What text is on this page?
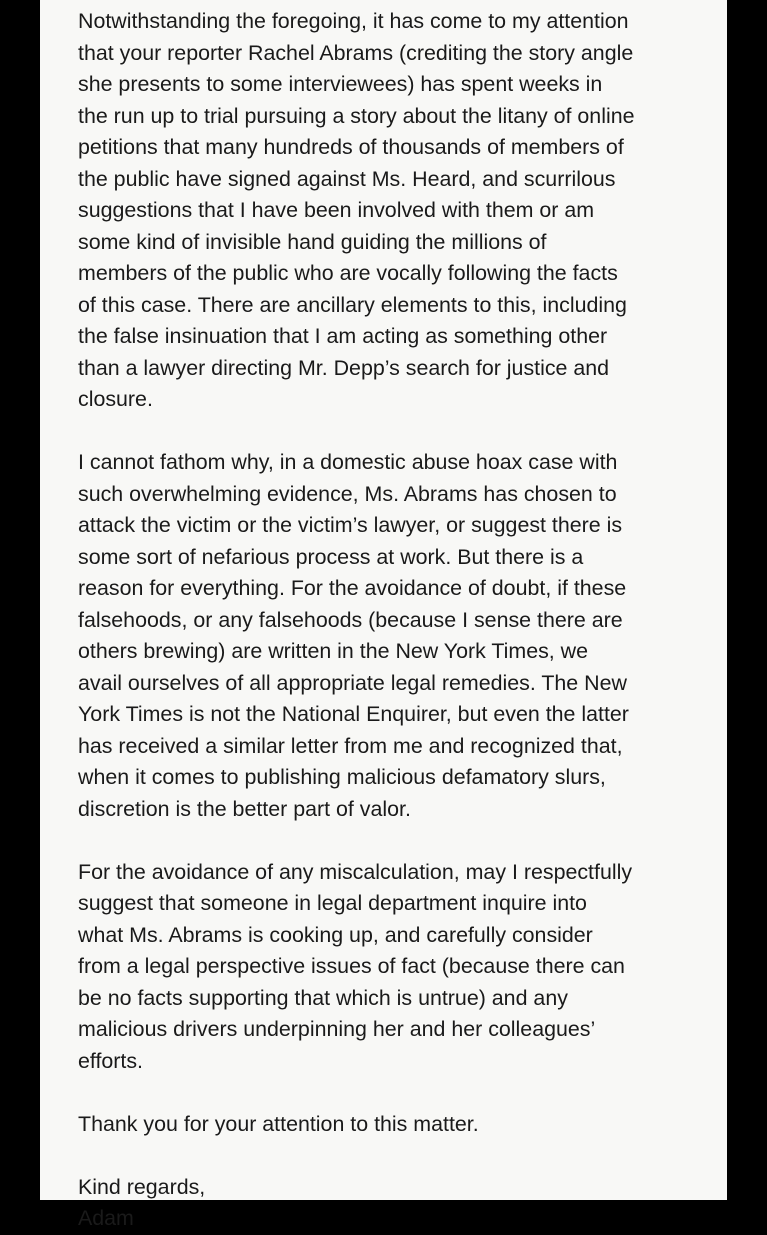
Notwithstanding the foregoing, it has come to my attention
that your reporter Rachel Abrams (crediting the story angle
she presents to some interviewees) has spent weeks in
the run up to trial pursuing a story about the litany of online
petitions that many hundreds of thousands of members of
the public have signed against Ms. Heard, and scurrilous
suggestions that I have been involved with them or am
some kind of invisible hand guiding the millions of
members of the public who are vocally following the facts
of this case. There are ancillary elements to this, including
the false insinuation that I am acting as something other
than a lawyer directing Mr. Depp’s search for justice and
closure.
I cannot fathom why, in a domestic abuse hoax case with
such overwhelming evidence, Ms. Abrams has chosen to
attack the victim or the victim’s lawyer, or suggest there is
some sort of nefarious process at work. But there is a
reason for everything. For the avoidance of doubt, if these
falsehoods, or any falsehoods (because I sense there are
others brewing) are written in the New York Times, we
avail ourselves of all appropriate legal remedies. The New
York Times is not the National Enquirer, but even the latter
has received a similar letter from me and recognized that,
when it comes to publishing malicious defamatory slurs,
discretion is the better part of valor.
For the avoidance of any miscalculation, may I respectfully
suggest that someone in legal department inquire into
what Ms. Abrams is cooking up, and carefully consider
from a legal perspective issues of fact (because there can
be no facts supporting that which is untrue) and any
malicious drivers underpinning her and her colleagues’
efforts.
Thank you for your attention to this matter.
Kind regards,
Adam
